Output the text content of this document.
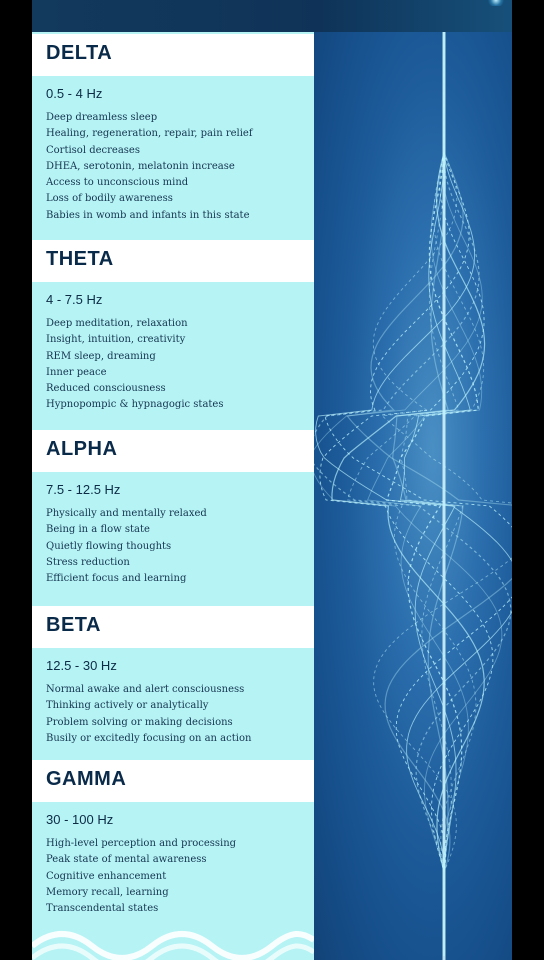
DELTA
0.5 - 4 Hz
Deep dreamless sleep
Healing, regeneration, repair, pain relief
Cortisol decreases
DHEA, serotonin, melatonin increase
Access to unconscious mind
Loss of bodily awareness
Babies in womb and infants in this state
THETA
4 - 7.5 Hz
Deep meditation, relaxation
Insight, intuition, creativity
REM sleep, dreaming
Inner peace
Reduced consciousness
Hypnopompic & hypnagogic states
ALPHA
7.5 - 12.5 Hz
Physically and mentally relaxed
Being in a flow state
Quietly flowing thoughts
Stress reduction
Efficient focus and learning
BETA
12.5 - 30 Hz
Normal awake and alert consciousness
Thinking actively or analytically
Problem solving or making decisions
Busily or excitedly focusing on an action
GAMMA
30 - 100 Hz
High-level perception and processing
Peak state of mental awareness
Cognitive enhancement
Memory recall, learning
Transcendental states
